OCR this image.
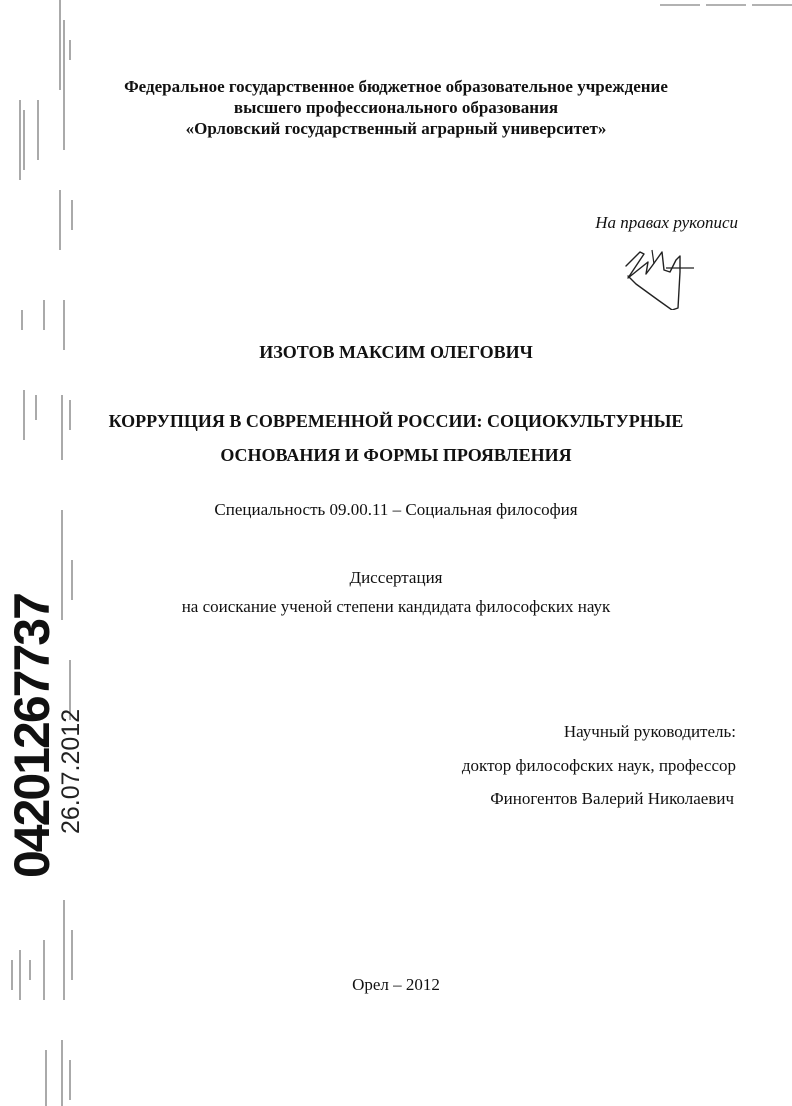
Федеральное государственное бюджетное образовательное учреждение
высшего профессионального образования
«Орловский государственный аграрный университет»
На правах рукописи
ИЗОТОВ МАКСИМ ОЛЕГОВИЧ
КОРРУПЦИЯ В СОВРЕМЕННОЙ РОССИИ: СОЦИОКУЛЬТУРНЫЕ
ОСНОВАНИЯ И ФОРМЫ ПРОЯВЛЕНИЯ
Специальность 09.00.11 – Социальная философия
Диссертация
на соискание ученой степени кандидата философских наук
Научный руководитель:
доктор философских наук, профессор
Финогентов Валерий Николаевич
Орел – 2012
04201267737
26.07.2012
